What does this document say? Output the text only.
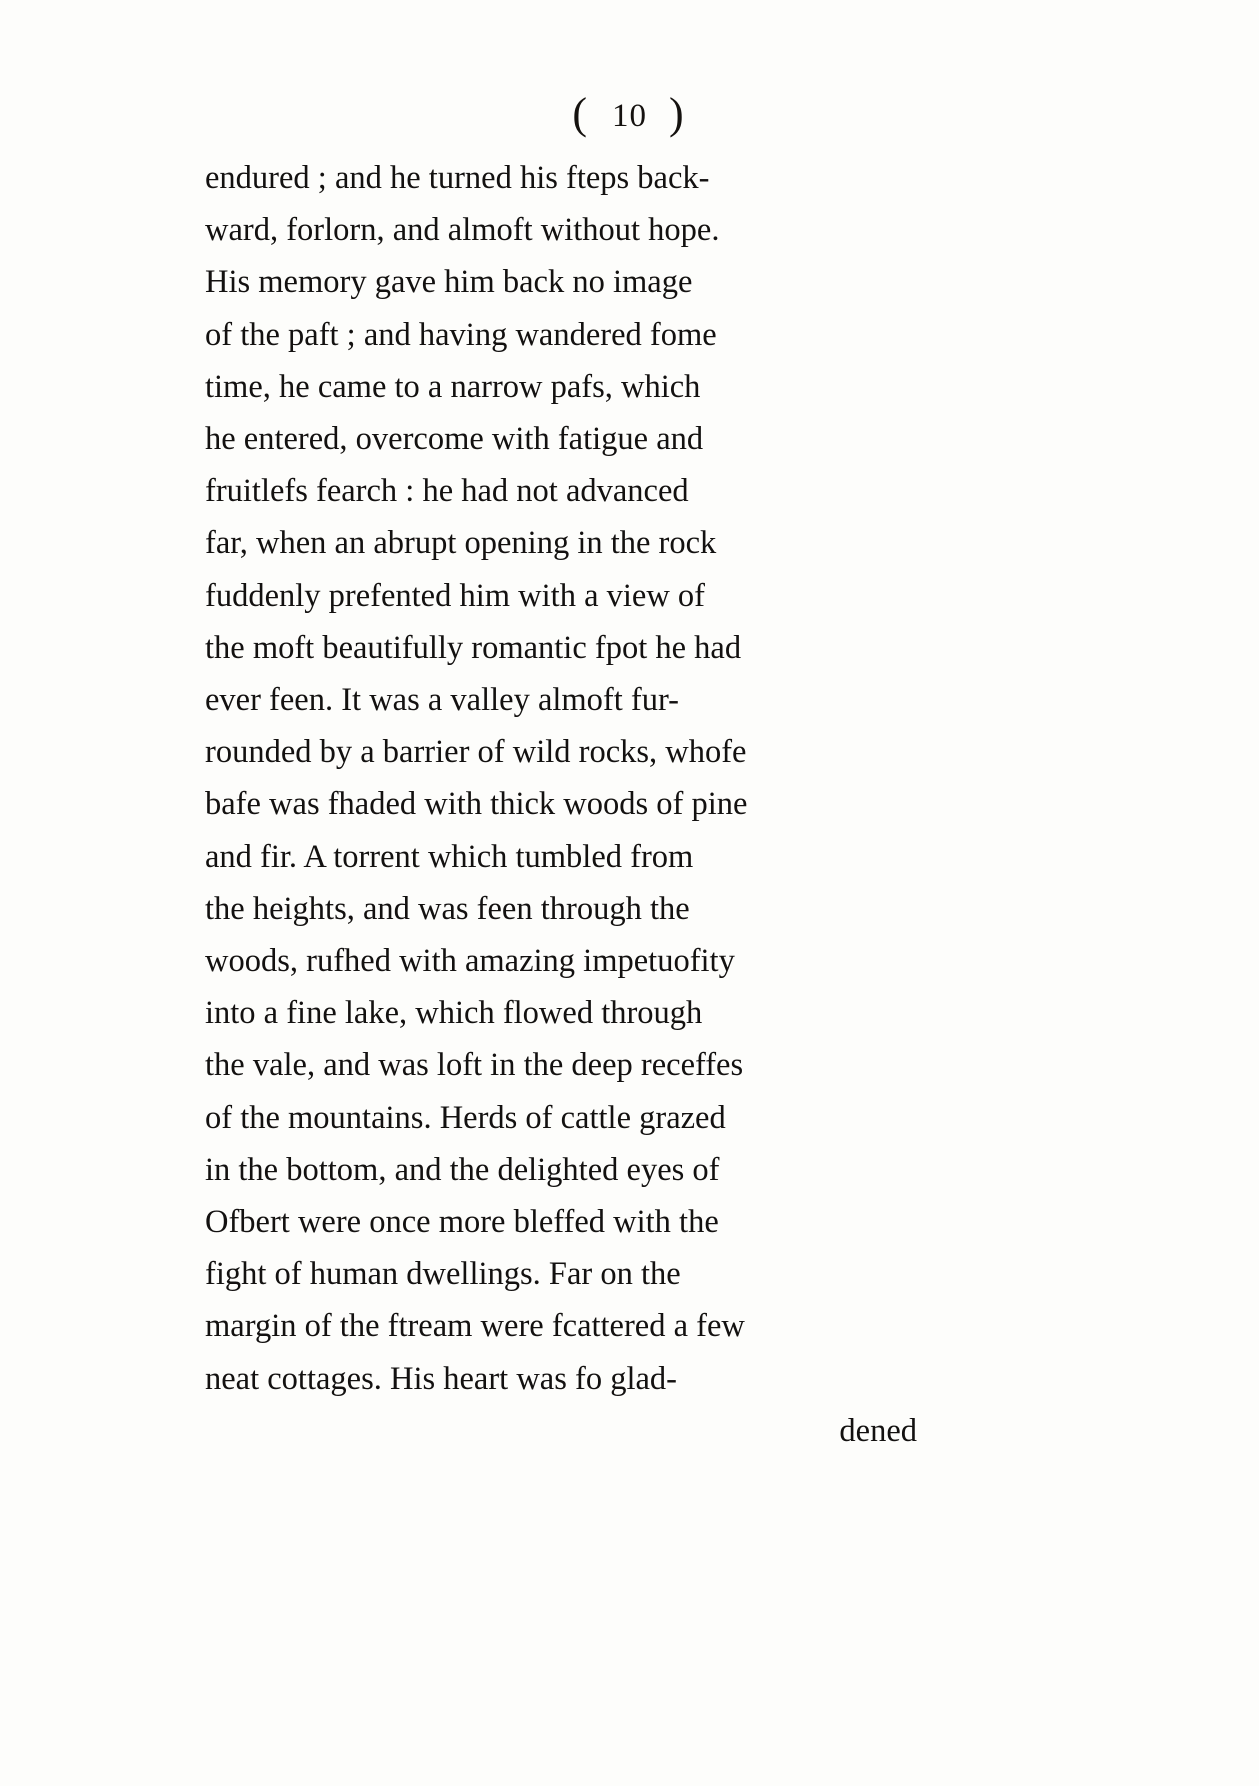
( 10 )

endured ; and he turned his fteps back-
ward, forlorn, and almoft without hope.
His memory gave him back no image
of the paft ; and having wandered fome
time, he came to a narrow pafs, which
he entered, overcome with fatigue and
fruitlefs fearch : he had not advanced
far, when an abrupt opening in the rock
fuddenly prefented him with a view of
the moft beautifully romantic fpot he had
ever feen. It was a valley almoft fur-
rounded by a barrier of wild rocks, whofe
bafe was fhaded with thick woods of pine
and fir. A torrent which tumbled from
the heights, and was feen through the
woods, rufhed with amazing impetuofity
into a fine lake, which flowed through
the vale, and was loft in the deep receffes
of the mountains. Herds of cattle grazed
in the bottom, and the delighted eyes of
Ofbert were once more bleffed with the
fight of human dwellings. Far on the
margin of the ftream were fcattered a few
neat cottages. His heart was fo glad-
dened
